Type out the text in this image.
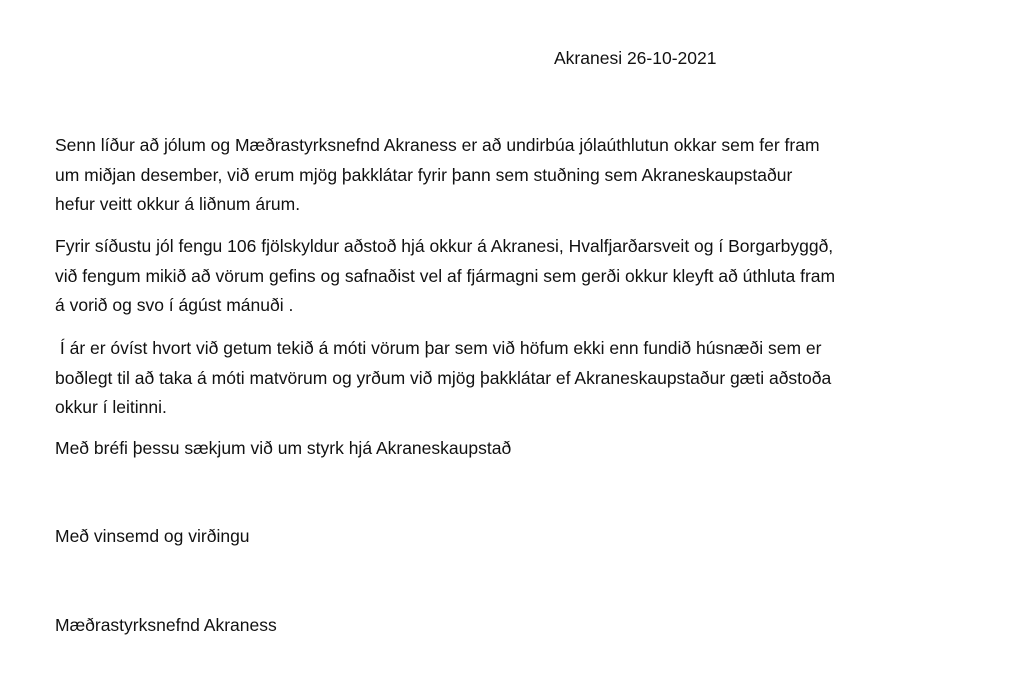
Akranesi 26-10-2021

Senn líður að jólum og Mæðrastyrksnefnd Akraness er að undirbúa jólaúthlutun okkar sem fer fram
um miðjan desember, við erum mjög þakklátar fyrir þann sem stuðning sem Akraneskaupstaður
hefur veitt okkur á liðnum árum.

Fyrir síðustu jól fengu 106 fjölskyldur aðstoð hjá okkur á Akranesi, Hvalfjarðarsveit og í Borgarbyggð,
við fengum mikið að vörum gefins og safnaðist vel af fjármagni sem gerði okkur kleyft að úthluta fram
á vorið og svo í ágúst mánuði .

Í ár er óvíst hvort við getum tekið á móti vörum þar sem við höfum ekki enn fundið húsnæði sem er
boðlegt til að taka á móti matvörum og yrðum við mjög þakklátar ef Akraneskaupstaður gæti aðstoða
okkur í leitinni.

Með bréfi þessu sækjum við um styrk hjá Akraneskaupstað

Með vinsemd og virðingu

Mæðrastyrksnefnd Akraness
